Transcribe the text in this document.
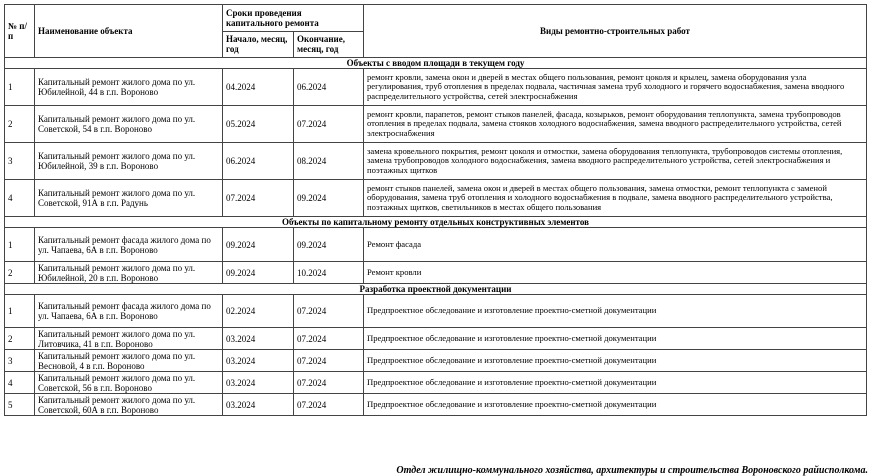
№ п/п	Наименование объекта	Сроки проведения капитального ремонта		Виды ремонтно-строительных работ
		Начало, месяц, год	Окончание, месяц, год	
Объекты с вводом площади в текущем году				
1	Капитальный ремонт жилого дома по ул. Юбилейной, 44 в г.п. Вороново	04.2024	06.2024	ремонт кровли, замена окон и дверей в местах общего пользования, ремонт цоколя и крылец, замена оборудования узла регулирования, труб отопления в пределах подвала, частичная замена труб холодного и горячего водоснабжения, замена вводного распределительного устройства, сетей электроснабжения
2	Капитальный ремонт жилого дома по ул. Советской, 54 в г.п. Вороново	05.2024	07.2024	ремонт кровли, парапетов, ремонт стыков панелей, фасада, козырьков, ремонт оборудования теплопункта, замена трубопроводов отопления в пределах подвала, замена стояков холодного водоснабжения, замена вводного распределительного устройства, сетей электроснабжения
3	Капитальный ремонт жилого дома по ул. Юбилейной, 39 в г.п. Вороново	06.2024	08.2024	замена кровельного покрытия, ремонт цоколя и отмостки, замена оборудования теплопункта, трубопроводов системы отопления, замена трубопроводов холодного водоснабжения, замена вводного распределительного устройства, сетей электроснабжения и поэтажных щитков
4	Капитальный ремонт жилого дома по ул. Советской, 91А в г.п. Радунь	07.2024	09.2024	ремонт стыков панелей, замена окон и дверей в местах общего пользования, замена отмостки, ремонт теплопункта с заменой оборудования, замена труб отопления и холодного водоснабжения в подвале, замена вводного распределительного устройства, поэтажных щитков, светильников в местах общего пользования
Объекты по капитальному ремонту отдельных конструктивных элементов				
1	Капитальный ремонт фасада жилого дома по ул. Чапаева, 6А в г.п. Вороново	09.2024	09.2024	Ремонт фасада
2	Капитальный ремонт жилого дома по ул. Юбилейной, 20 в г.п. Вороново	09.2024	10.2024	Ремонт кровли
Разработка проектной документации				
1	Капитальный ремонт фасада жилого дома по ул. Чапаева, 6А в г.п. Вороново	02.2024	07.2024	Предпроектное обследование и изготовление проектно-сметной документации
2	Капитальный ремонт жилого дома по ул. Литовчика, 41 в г.п. Вороново	03.2024	07.2024	Предпроектное обследование и изготовление проектно-сметной документации
3	Капитальный ремонт жилого дома по ул. Весновой, 4 в г.п. Вороново	03.2024	07.2024	Предпроектное обследование и изготовление проектно-сметной документации
4	Капитальный ремонт жилого дома по ул. Советской, 56 в г.п. Вороново	03.2024	07.2024	Предпроектное обследование и изготовление проектно-сметной документации
5	Капитальный ремонт жилого дома по ул. Советской, 60А в г.п. Вороново	03.2024	07.2024	Предпроектное обследование и изготовление проектно-сметной документации
Отдел жилищно-коммунального хозяйства, архитектуры и строительства Вороновского райисполкома.
